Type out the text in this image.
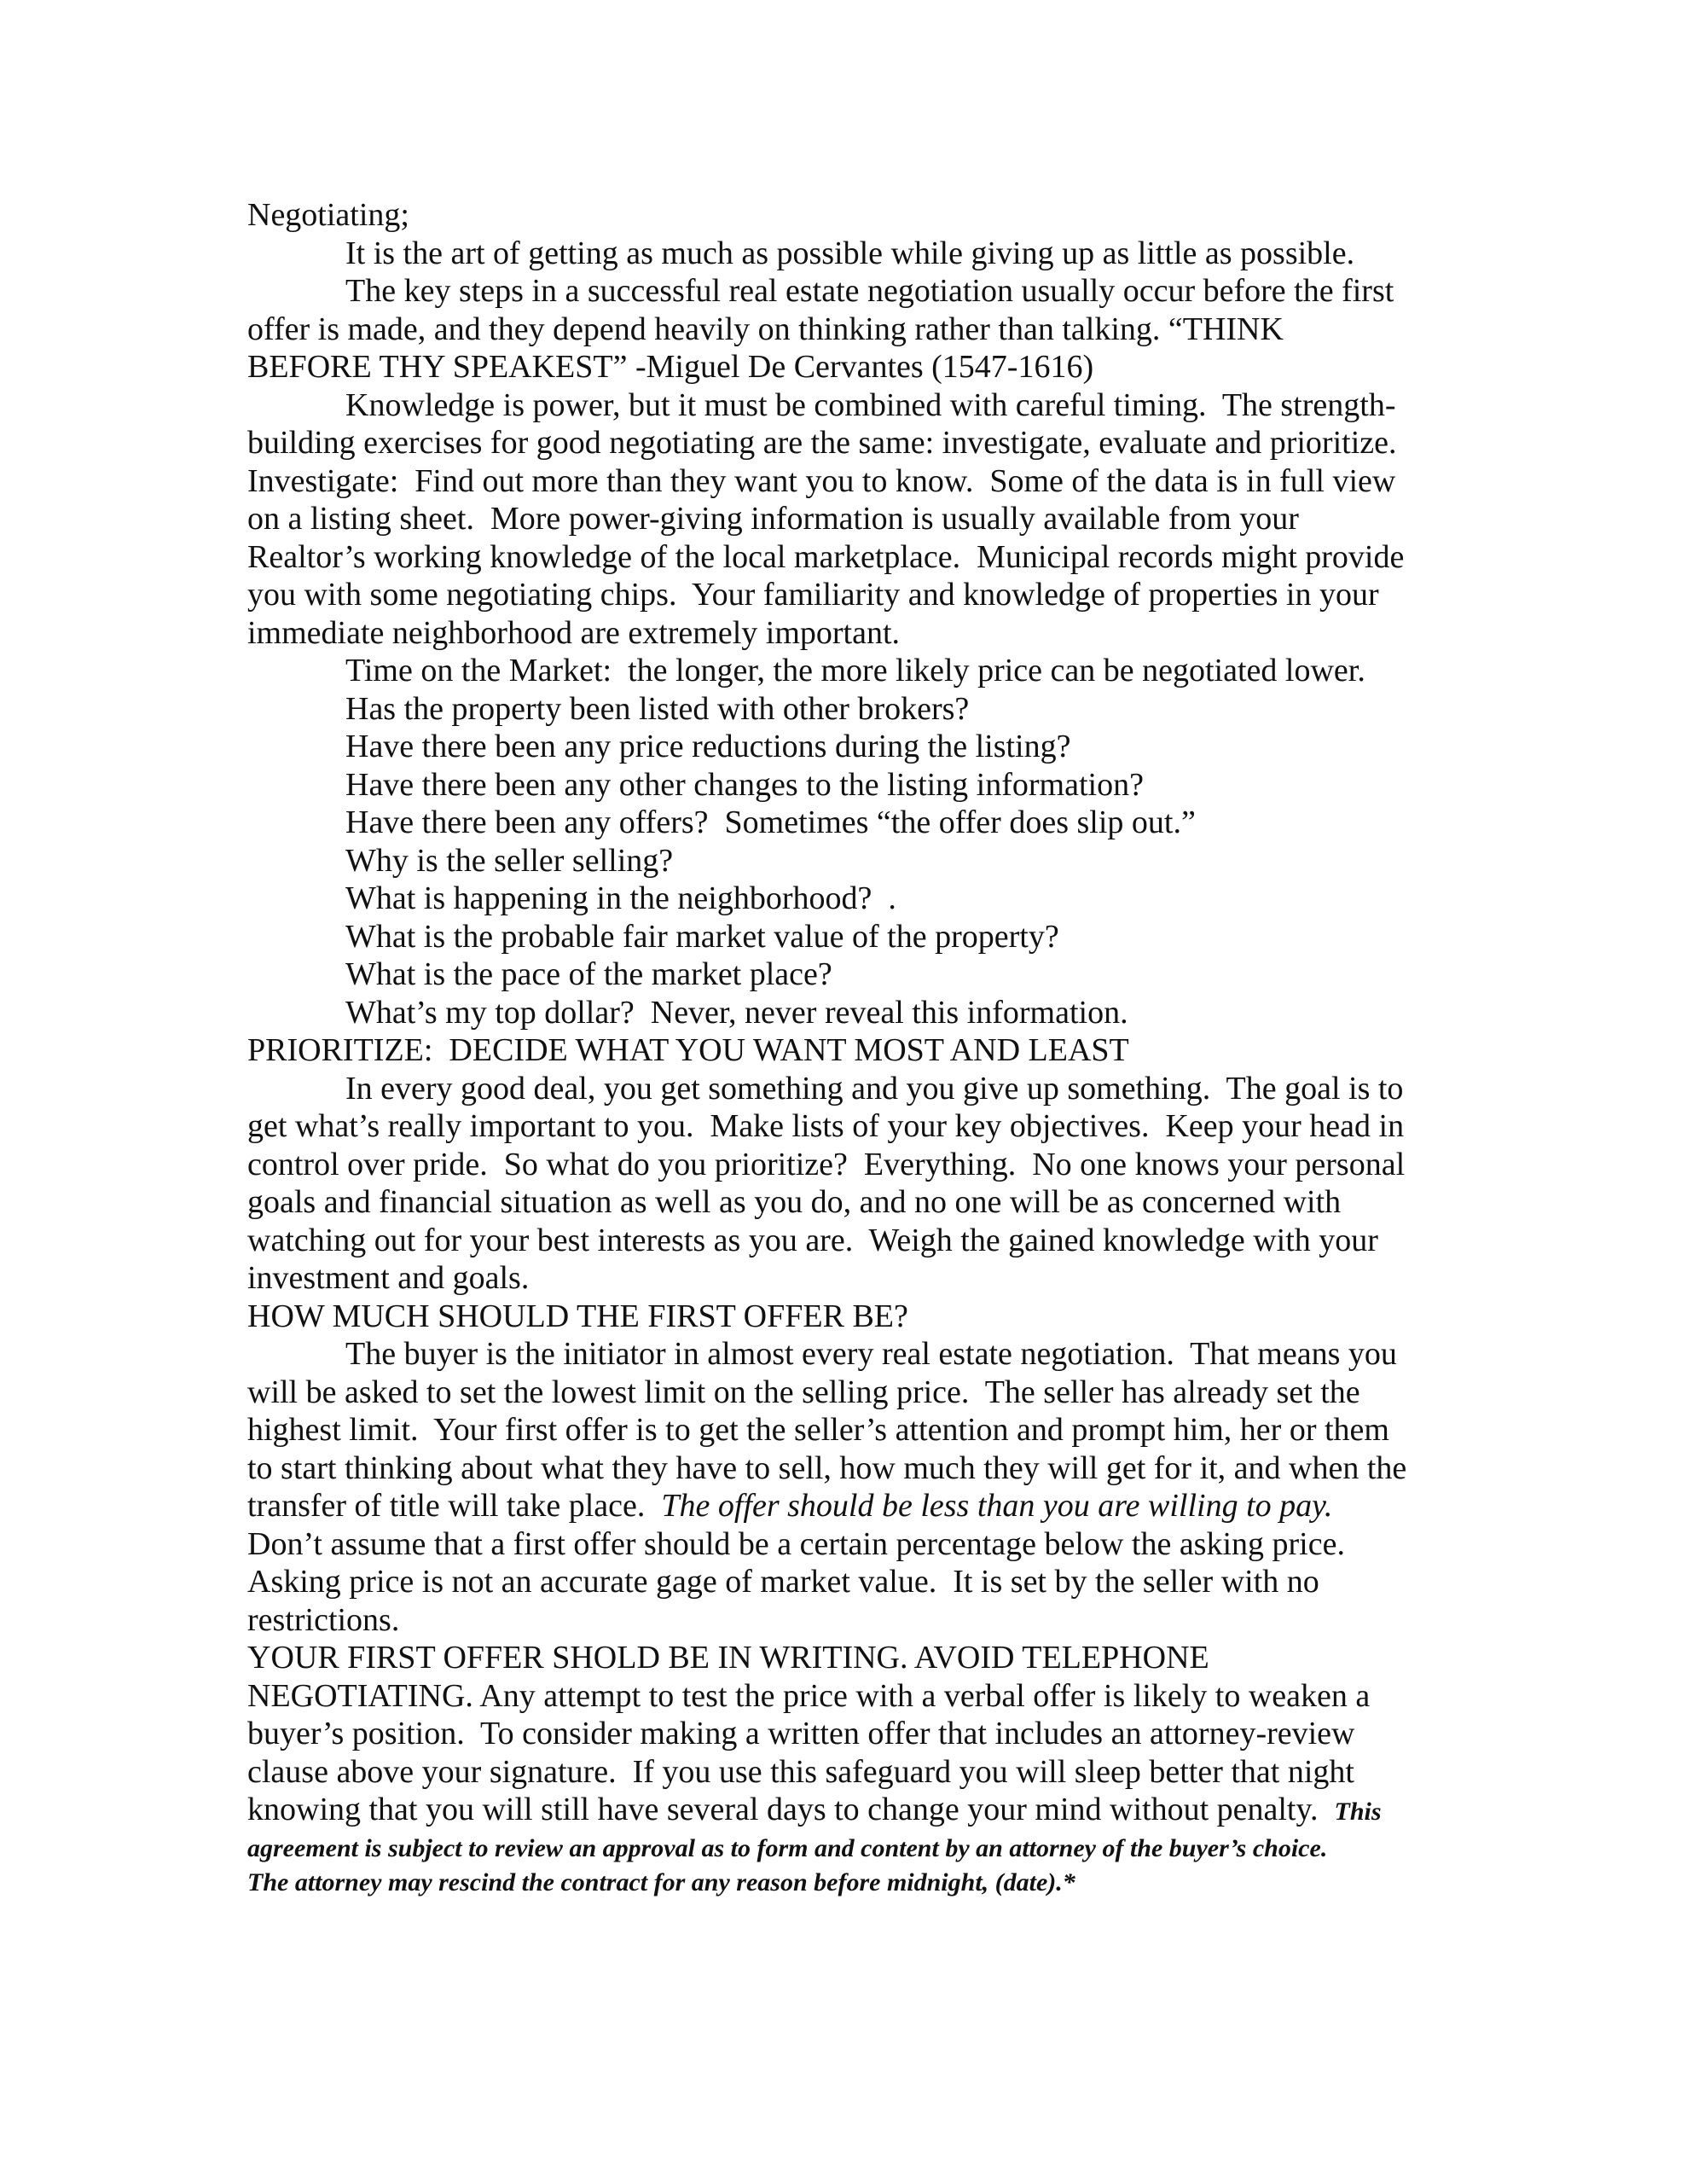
Negotiating;
It is the art of getting as much as possible while giving up as little as possible.
The key steps in a successful real estate negotiation usually occur before the first
offer is made, and they depend heavily on thinking rather than talking. “THINK
BEFORE THY SPEAKEST” -Miguel De Cervantes (1547-1616)
Knowledge is power, but it must be combined with careful timing.  The strength-
building exercises for good negotiating are the same: investigate, evaluate and prioritize.
Investigate:  Find out more than they want you to know.  Some of the data is in full view
on a listing sheet.  More power-giving information is usually available from your
Realtor’s working knowledge of the local marketplace.  Municipal records might provide
you with some negotiating chips.  Your familiarity and knowledge of properties in your
immediate neighborhood are extremely important.
Time on the Market:  the longer, the more likely price can be negotiated lower.
Has the property been listed with other brokers?
Have there been any price reductions during the listing?
Have there been any other changes to the listing information?
Have there been any offers?  Sometimes “the offer does slip out.”
Why is the seller selling?
What is happening in the neighborhood?  .
What is the probable fair market value of the property?
What is the pace of the market place?
What’s my top dollar?  Never, never reveal this information.
PRIORITIZE:  DECIDE WHAT YOU WANT MOST AND LEAST
In every good deal, you get something and you give up something.  The goal is to
get what’s really important to you.  Make lists of your key objectives.  Keep your head in
control over pride.  So what do you prioritize?  Everything.  No one knows your personal
goals and financial situation as well as you do, and no one will be as concerned with
watching out for your best interests as you are.  Weigh the gained knowledge with your
investment and goals.
HOW MUCH SHOULD THE FIRST OFFER BE?
The buyer is the initiator in almost every real estate negotiation.  That means you
will be asked to set the lowest limit on the selling price.  The seller has already set the
highest limit.  Your first offer is to get the seller’s attention and prompt him, her or them
to start thinking about what they have to sell, how much they will get for it, and when the
transfer of title will take place.  The offer should be less than you are willing to pay.
Don’t assume that a first offer should be a certain percentage below the asking price.
Asking price is not an accurate gage of market value.  It is set by the seller with no
restrictions.
YOUR FIRST OFFER SHOLD BE IN WRITING. AVOID TELEPHONE
NEGOTIATING. Any attempt to test the price with a verbal offer is likely to weaken a
buyer’s position.  To consider making a written offer that includes an attorney-review
clause above your signature.  If you use this safeguard you will sleep better that night
knowing that you will still have several days to change your mind without penalty.  This
agreement is subject to review an approval as to form and content by an attorney of the buyer’s choice.
The attorney may rescind the contract for any reason before midnight, (date).*
